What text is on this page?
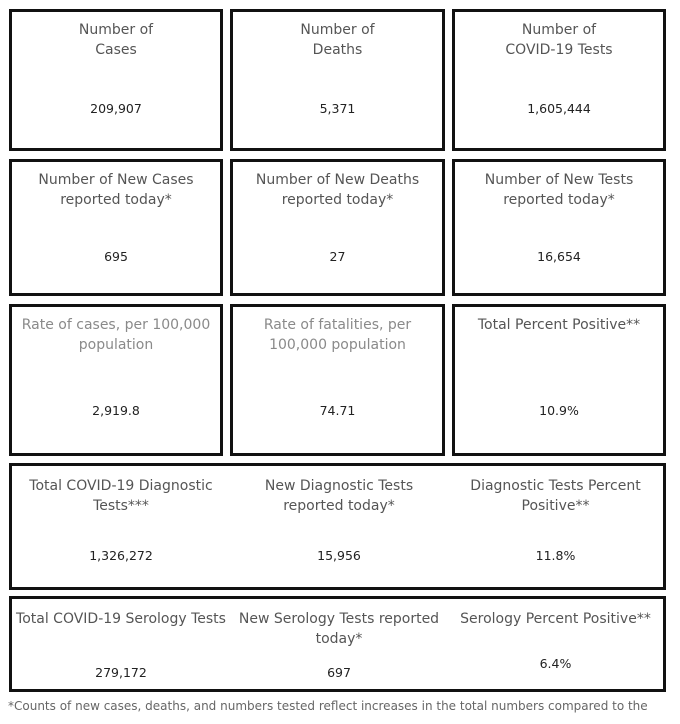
Number of
Cases
209,907
Number of
Deaths
5,371
Number of
COVID-19 Tests
1,605,444
Number of New Cases reported today*
695
Number of New Deaths reported today*
27
Number of New Tests reported today*
16,654
Rate of cases, per 100,000 population
2,919.8
Rate of fatalities, per 100,000 population
74.71
Total Percent Positive**
10.9%
Total COVID-19 Diagnostic Tests***
1,326,272
New Diagnostic Tests reported today*
15,956
Diagnostic Tests Percent Positive**
11.8%
Total COVID-19 Serology Tests
279,172
New Serology Tests reported today*
697
Serology Percent Positive**
6.4%
*Counts of new cases, deaths, and numbers tested reflect increases in the total numbers compared to the
